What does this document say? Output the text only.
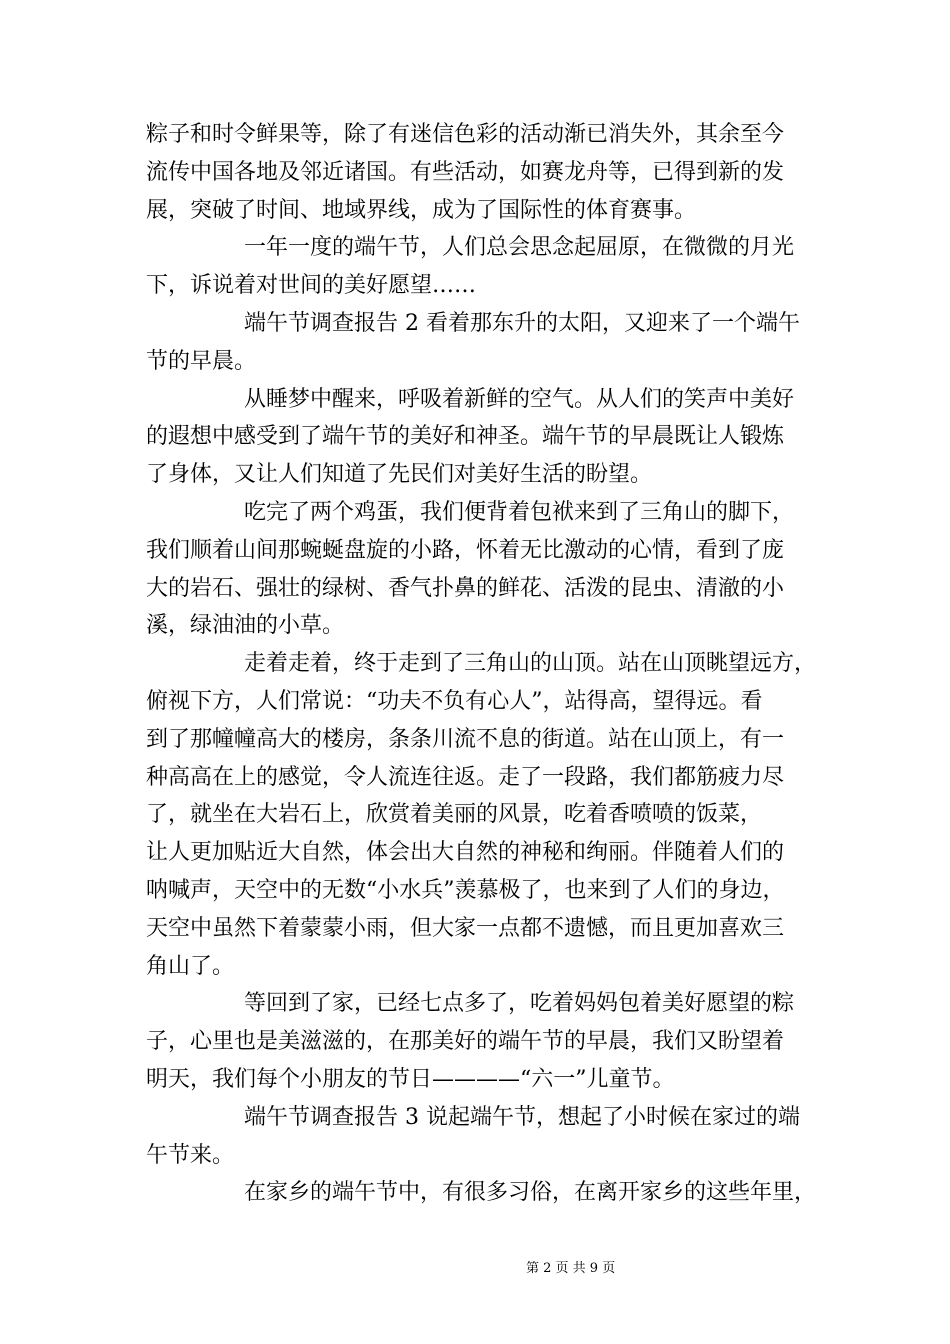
粽子和时令鲜果等，除了有迷信色彩的活动渐已消失外，其余至今
流传中国各地及邻近诸国。有些活动，如赛龙舟等，已得到新的发
展，突破了时间、地域界线，成为了国际性的体育赛事。
一年一度的端午节，人们总会思念起屈原，在微微的月光
下，诉说着对世间的美好愿望……
端午节调查报告 2 看着那东升的太阳，又迎来了一个端午
节的早晨。
从睡梦中醒来，呼吸着新鲜的空气。从人们的笑声中美好
的遐想中感受到了端午节的美好和神圣。端午节的早晨既让人锻炼
了身体，又让人们知道了先民们对美好生活的盼望。
吃完了两个鸡蛋，我们便背着包袱来到了三角山的脚下，
我们顺着山间那蜿蜒盘旋的小路，怀着无比激动的心情，看到了庞
大的岩石、强壮的绿树、香气扑鼻的鲜花、活泼的昆虫、清澈的小
溪，绿油油的小草。
走着走着，终于走到了三角山的山顶。站在山顶眺望远方，
俯视下方，人们常说：“功夫不负有心人”，站得高，望得远。看
到了那幢幢高大的楼房，条条川流不息的街道。站在山顶上，有一
种高高在上的感觉，令人流连往返。走了一段路，我们都筋疲力尽
了，就坐在大岩石上，欣赏着美丽的风景，吃着香喷喷的饭菜，
让人更加贴近大自然，体会出大自然的神秘和绚丽。伴随着人们的
呐喊声，天空中的无数“小水兵”羡慕极了，也来到了人们的身边，
天空中虽然下着蒙蒙小雨，但大家一点都不遗憾，而且更加喜欢三
角山了。
等回到了家，已经七点多了，吃着妈妈包着美好愿望的粽
子，心里也是美滋滋的，在那美好的端午节的早晨，我们又盼望着
明天，我们每个小朋友的节日————“六一”儿童节。
端午节调查报告 3 说起端午节，想起了小时候在家过的端
午节来。
在家乡的端午节中，有很多习俗，在离开家乡的这些年里，
第 2 页 共 9 页
